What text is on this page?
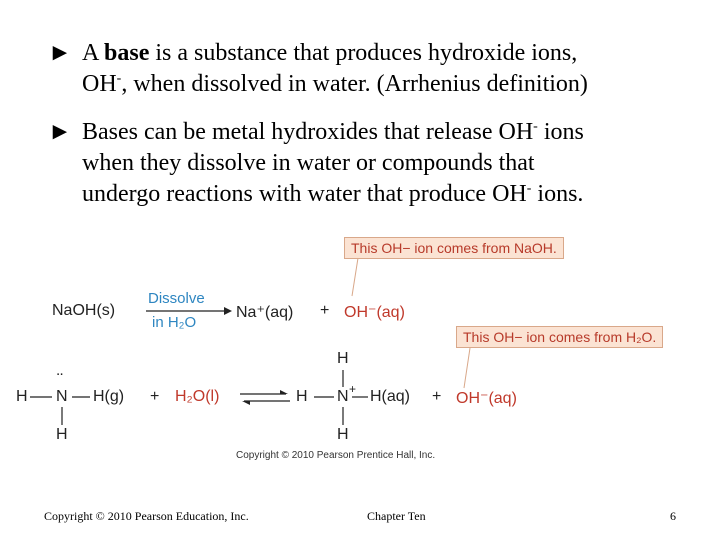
► A base is a substance that produces hydroxide ions,
OH-, when dissolved in water. (Arrhenius definition)
► Bases can be metal hydroxides that release OH- ions
when they dissolve in water or compounds that
undergo reactions with water that produce OH- ions.
This OH− ion comes from NaOH.
This OH− ion comes from H₂O.
NaOH(s)
Dissolve
in H₂O
Na⁺(aq) + OH⁻(aq)
H
¨
N H(g)
H
+ H₂O(l)	H N + H(aq)
H
H
+ OH⁻(aq)
Copyright © 2010 Pearson Prentice Hall, Inc.
Copyright © 2010 Pearson Education, Inc.	Chapter Ten	6
